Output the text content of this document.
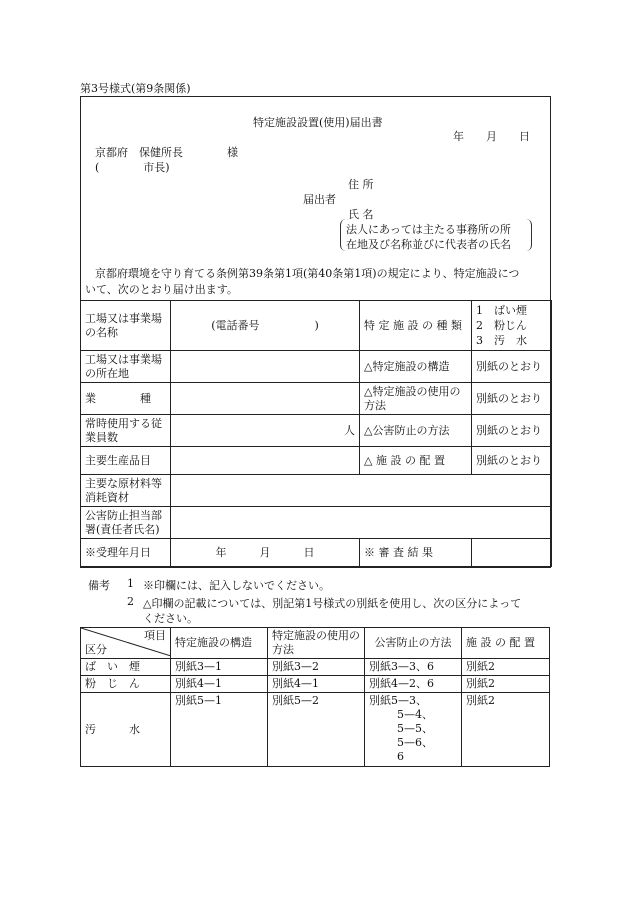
第3号様式(第9条関係)
特定施設設置(使用)届出書
年　　月　　日
京都府　保健所長　　　　様
(　　　　市長)
住 所
届出者
氏 名
法人にあっては主たる事務所の所
在地及び名称並びに代表者の氏名
京都府環境を守り育てる条例第39条第1項(第40条第1項)の規定により、特定施設につ
いて、次のとおり届け出ます。
工場又は事業場の名称	(電話番号　　　　　)	特 定 施 設 の 種 類	1　ばい煙
2　粉じん
3　汚　水

工場又は事業場の所在地		△特定施設の構造	別紙のとおり
業　　　　種		△特定施設の使用の方法	別紙のとおり
常時使用する従業員数	人	△公害防止の方法	別紙のとおり
主要生産品目		△ 施 設 の 配 置	別紙のとおり
主要な原材料等消耗資材			
公害防止担当部署(責任者氏名)			
※受理年月日	年　　　月　　　日	※ 審 査 結 果	
備考 1 ※印欄には、記入しないでください。
2 △印欄の記載については、別記第1号様式の別紙を使用し、次の区分によって
ください。
項目
区分	特定施設の構造	特定施設の使用の方法	公害防止の方法	施 設 の 配 置
ば　い　煙	別紙3—1	別紙3—2	別紙3—3、6	別紙2
粉　じ　ん	別紙4—1	別紙4—1	別紙4—2、6	別紙2
汚　　　水	別紙5—1	別紙5—2	別紙5—3、
5—4、
5—5、
5—6、
6	別紙2
